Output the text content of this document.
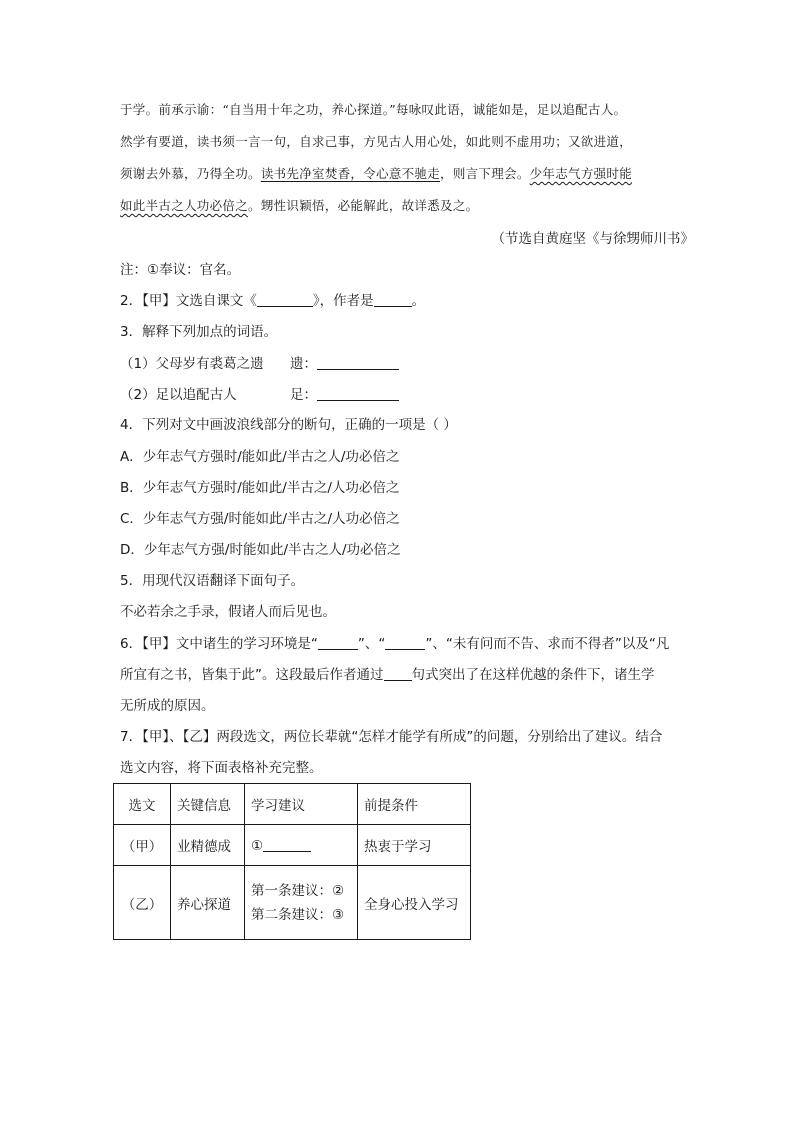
于学。前承示谕：“自当用十年之功，养心探道。”每咏叹此语，诚能如是，足以追配古人。
然学有要道，读书须一言一句，自求己事，方见古人用心处，如此则不虚用功；又欲进道，
须谢去外慕，乃得全功。读书先净室焚香，令心意不驰走，则言下理会。少年志气方强时能
如此半古之人功必倍之。甥性识颖悟，必能解此，故详悉及之。
（节选自黄庭坚《与徐甥师川书》
注：①奉议：官名。
2．【甲】文选自课文《	》，作者是	。
3．解释下列加点的词语。
（1）父母岁有裘葛之遗 遗：
（2）足以追配古人	足：
4．下列对文中画波浪线部分的断句，正确的一项是（ ）
A．少年志气方强时/能如此/半古之人/功必倍之
B．少年志气方强时/能如此/半古之/人功必倍之
C．少年志气方强/时能如此/半古之/人功必倍之
D．少年志气方强/时能如此/半古之人/功必倍之
5．用现代汉语翻译下面句子。
不必若余之手录，假诸人而后见也。
6．【甲】文中诸生的学习环境是“	”、“	”、“未有问而不告、求而不得者”以及“凡
所宜有之书，皆集于此”。这段最后作者通过 句式突出了在这样优越的条件下，诸生学
无所成的原因。
7．【甲】、【乙】两段选文，两位长辈就“怎样才能学有所成”的问题，分别给出了建议。结合
选文内容，将下面表格补充完整。
选文	关键信息	学习建议	前提条件
（甲）	业精德成	①	热衷于学习
（乙）	养心探道	第一条建议：②
第二条建议：③	全身心投入学习
